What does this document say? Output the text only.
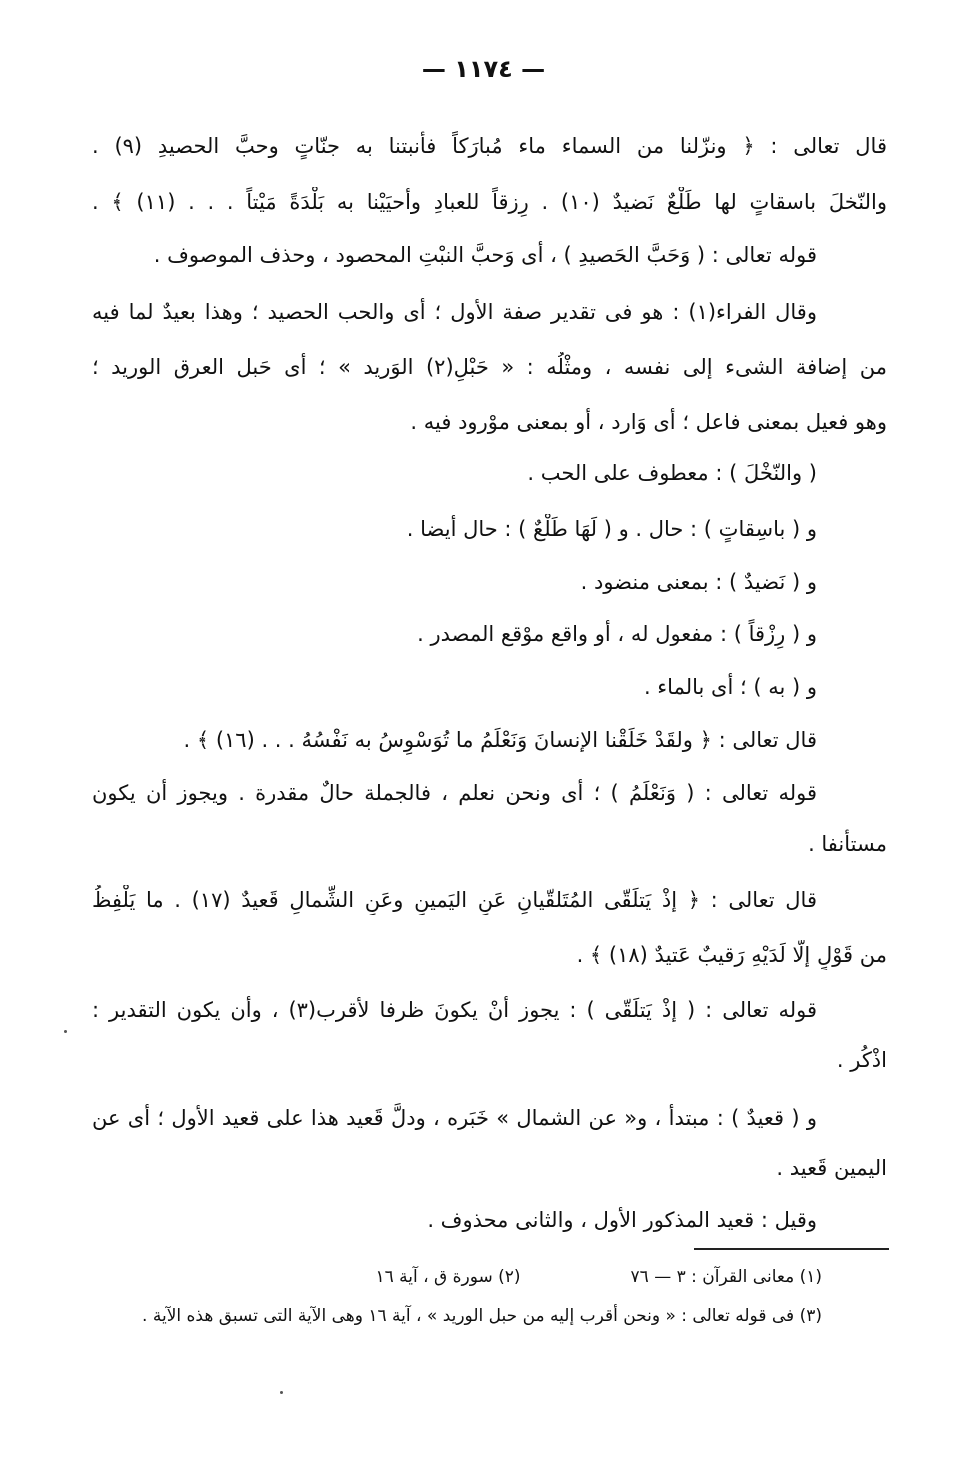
— ١١٧٤ —
قال تعالى : ﴿ ونزّلنا من السماء ماء مُبارَكاً فأنبتنا به جنّاتٍ وحبَّ الحصيدِ (٩) .
والنّخلَ باسقاتٍ لها طَلْعٌ نَضيدٌ (١٠) . رِزقاً للعبادِ وأحيَيْنا به بَلْدَةً مَيْتاً . . . (١١) ﴾ .
قوله تعالى : ( وَحَبَّ الحَصيدِ ) ، أى وَحبَّ النبْتِ المحصود ، وحذف الموصوف .
وقال الفراء(١) : هو فى تقدير صفة الأول ؛ أى والحب الحصيد ؛ وهذا بعيدٌ لما فيه
من إضافة الشىء إلى نفسه ، ومثْلُه : « حَبْلِ(٢) الوَريد » ؛ أى حَبل العرق الوريد ؛
وهو فعيل بمعنى فاعل ؛ أى وَارد ، أو بمعنى موْرود فيه .
( والنّخْلَ ) : معطوف على الحب .
و ( باسِقاتٍ ) : حال . و ( لَهَا طَلْعٌ ) : حال أيضا .
و ( نَضيدٌ ) : بمعنى منضود .
و ( رِزْقاً ) : مفعول له ، أو واقع موْقع المصدر .
و ( به ) ؛ أى بالماء .
قال تعالى : ﴿ ولقَدْ خَلَقْنا الإنسانَ وَنَعْلَمُ ما تُوَسْوِسُ به نَفْسُهُ . . . (١٦) ﴾ .
قوله تعالى : ( وَنَعْلَمُ ) ؛ أى ونحن نعلم ، فالجملة حالٌ مقدرة . ويجوز أن يكون
مستأنفا .
قال تعالى : ﴿ إذْ يَتلَقّى المُتَلقّيانِ عَنِ اليَمينِ وعَنِ الشِّمالِ قَعيدٌ (١٧) . ما يَلْفِظُ
من قَوْلٍ إلّا لَدَيْهِ رَقيبٌ عَتيدٌ (١٨) ﴾ .
قوله تعالى : ( إذْ يَتلَقّى ) : يجوز أنْ يكونَ ظرفا لأقرب(٣) ، وأن يكون التقدير :
اذْكُر .
و ( قعيدٌ ) : مبتدأ ، و« عن الشمال » خَبَره ، ودلَّ قَعيد هذا على قعيد الأول ؛ أى عن
اليمين قَعيد .
وقيل : قعيد المذكور الأول ، والثانى محذوف .
(١) معانى القرآن : ٣ — ٧٦(٢) سورة ق ، آية ١٦
(٣) فى قوله تعالى : « ونحن أقرب إليه من حبل الوريد » ، آية ١٦ وهى الآية التى تسبق هذه الآية .
